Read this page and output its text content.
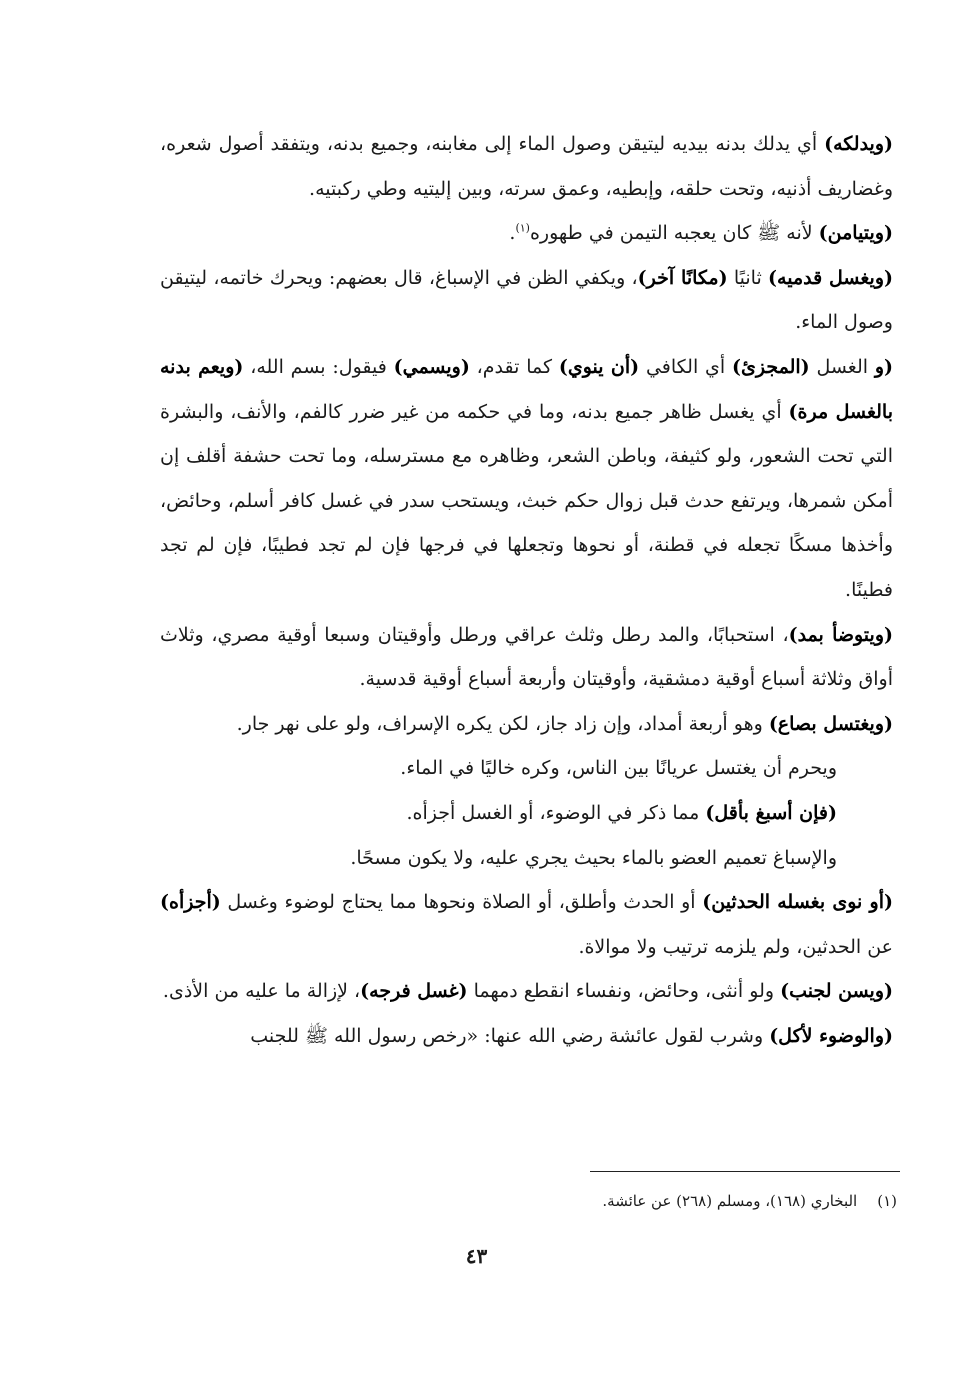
(ويدلكه) أي يدلك بدنه بيديه ليتيقن وصول الماء إلى مغابنه، وجميع بدنه، ويتفقد أصول شعره، وغضاريف أذنيه، وتحت حلقه، وإبطيه، وعمق سرته، وبين إليتيه وطي ركبتيه.

(ويتيامن) لأنه ﷺ كان يعجبه التيمن في طهوره$^{(١)}$.

(ويغسل قدميه) ثانيًا (مكانًا آخر)، ويكفي الظن في الإسباغ، قال بعضهم: ويحرك خاتمه، ليتيقن وصول الماء.

(و الغسل (المجزئ) أي الكافي (أن ينوي) كما تقدم، (ويسمي) فيقول: بسم الله، (ويعم بدنه بالغسل مرة) أي يغسل ظاهر جميع بدنه، وما في حكمه من غير ضرر كالفم، والأنف، والبشرة التي تحت الشعور، ولو كثيفة، وباطن الشعر، وظاهره مع مسترسله، وما تحت حشفة أقلف إن أمكن شمرها، ويرتفع حدث قبل زوال حكم خبث، ويستحب سدر في غسل كافر أسلم، وحائض، وأخذها مسكًا تجعله في قطنة، أو نحوها وتجعلها في فرجها فإن لم تجد فطيبًا، فإن لم تجد فطينًا.

(ويتوضأ بمد)، استحبابًا، والمد رطل وثلث عراقي ورطل وأوقيتان وسبعا أوقية مصري، وثلاث أواق وثلاثة أسباع أوقية دمشقية، وأوقيتان وأربعة أسباع أوقية قدسية.

(ويغتسل بصاع) وهو أربعة أمداد، وإن زاد جاز، لكن يكره الإسراف، ولو على نهر جار.

ويحرم أن يغتسل عريانًا بين الناس، وكره خاليًا في الماء.

(فإن أسبغ بأقل) مما ذكر في الوضوء، أو الغسل أجزأه.

والإسباغ تعميم العضو بالماء بحيث يجري عليه، ولا يكون مسحًا.

(أو نوى بغسله الحدثين) أو الحدث وأطلق، أو الصلاة ونحوها مما يحتاج لوضوء وغسل (أجزأه) عن الحدثين، ولم يلزمه ترتيب ولا موالاة.

(ويسن لجنب) ولو أنثى، وحائض، ونفساء انقطع دمهما (غسل فرجه)، لإزالة ما عليه من الأذى.

(والوضوء لأكل) وشرب لقول عائشة رضي الله عنها: «رخص رسول الله ﷺ للجنب

(١)البخاري (١٦٨)، ومسلم (٢٦٨) عن عائشة.
٤٣
